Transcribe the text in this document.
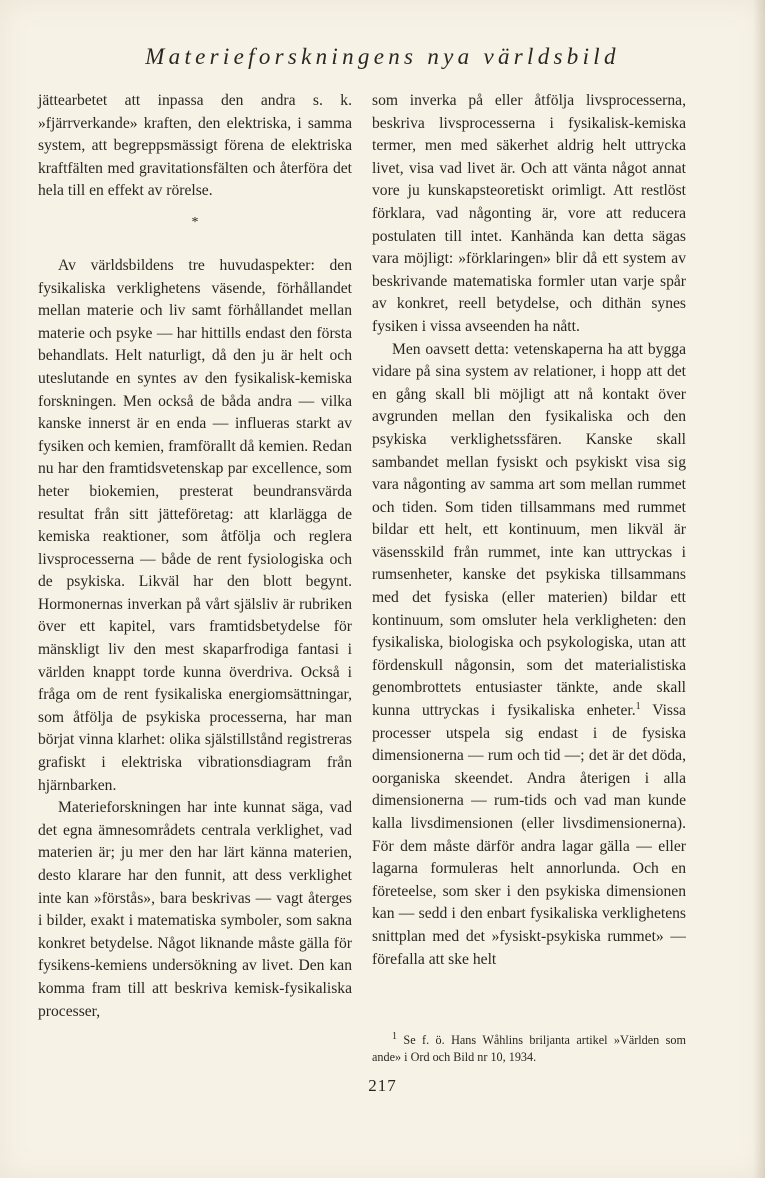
Materieforskningens nya världsbild

jättearbetet att inpassa den andra s. k. »fjärrverkande» kraften, den elektriska, i samma system, att begreppsmässigt förena de elektriska kraftfälten med gravitationsfälten och återföra det hela till en effekt av rörelse.

*

Av världsbildens tre huvudaspekter: den fysikaliska verklighetens väsende, förhållandet mellan materie och liv samt förhållandet mellan materie och psyke — har hittills endast den första behandlats. Helt naturligt, då den ju är helt och uteslutande en syntes av den fysikalisk-kemiska forskningen. Men också de båda andra — vilka kanske innerst är en enda — influeras starkt av fysiken och kemien, framförallt då kemien. Redan nu har den framtidsvetenskap par excellence, som heter biokemien, presterat beundransvärda resultat från sitt jätteföretag: att klarlägga de kemiska reaktioner, som åtfölja och reglera livsprocesserna — både de rent fysiologiska och de psykiska. Likväl har den blott begynt. Hormonernas inverkan på vårt själsliv är rubriken över ett kapitel, vars framtidsbetydelse för mänskligt liv den mest skaparfrodiga fantasi i världen knappt torde kunna överdriva. Också i fråga om de rent fysikaliska energiomsättningar, som åtfölja de psykiska processerna, har man börjat vinna klarhet: olika själstillstånd registreras grafiskt i elektriska vibrationsdiagram från hjärnbarken.

Materieforskningen har inte kunnat säga, vad det egna ämnesområdets centrala verklighet, vad materien är; ju mer den har lärt känna materien, desto klarare har den funnit, att dess verklighet inte kan »förstås», bara beskrivas — vagt återges i bilder, exakt i matematiska symboler, som sakna konkret betydelse. Något liknande måste gälla för fysikens-kemiens undersökning av livet. Den kan komma fram till att beskriva kemisk-fysikaliska processer,

som inverka på eller åtfölja livsprocesserna, beskriva livsprocesserna i fysikalisk-kemiska termer, men med säkerhet aldrig helt uttrycka livet, visa vad livet är. Och att vänta något annat vore ju kunskapsteoretiskt orimligt. Att restlöst förklara, vad någonting är, vore att reducera postulaten till intet. Kanhända kan detta sägas vara möjligt: »förklaringen» blir då ett system av beskrivande matematiska formler utan varje spår av konkret, reell betydelse, och dithän synes fysiken i vissa avseenden ha nått.

Men oavsett detta: vetenskaperna ha att bygga vidare på sina system av relationer, i hopp att det en gång skall bli möjligt att nå kontakt över avgrunden mellan den fysikaliska och den psykiska verklighetssfären. Kanske skall sambandet mellan fysiskt och psykiskt visa sig vara någonting av samma art som mellan rummet och tiden. Som tiden tillsammans med rummet bildar ett helt, ett kontinuum, men likväl är väsensskild från rummet, inte kan uttryckas i rumsenheter, kanske det psykiska tillsammans med det fysiska (eller materien) bildar ett kontinuum, som omsluter hela verkligheten: den fysikaliska, biologiska och psykologiska, utan att fördenskull någonsin, som det materialistiska genombrottets entusiaster tänkte, ande skall kunna uttryckas i fysikaliska enheter.$^1$ Vissa processer utspela sig endast i de fysiska dimensionerna — rum och tid —; det är det döda, oorganiska skeendet. Andra återigen i alla dimensionerna — rum-tids och vad man kunde kalla livsdimensionen (eller livsdimensionerna). För dem måste därför andra lagar gälla — eller lagarna formuleras helt annorlunda. Och en företeelse, som sker i den psykiska dimensionen kan — sedd i den enbart fysikaliska verklighetens snittplan med det »fysiskt-psykiska rummet» — förefalla att ske helt

$^1$ Se f. ö. Hans Wåhlins briljanta artikel »Världen som ande» i Ord och Bild nr 10, 1934.

217
